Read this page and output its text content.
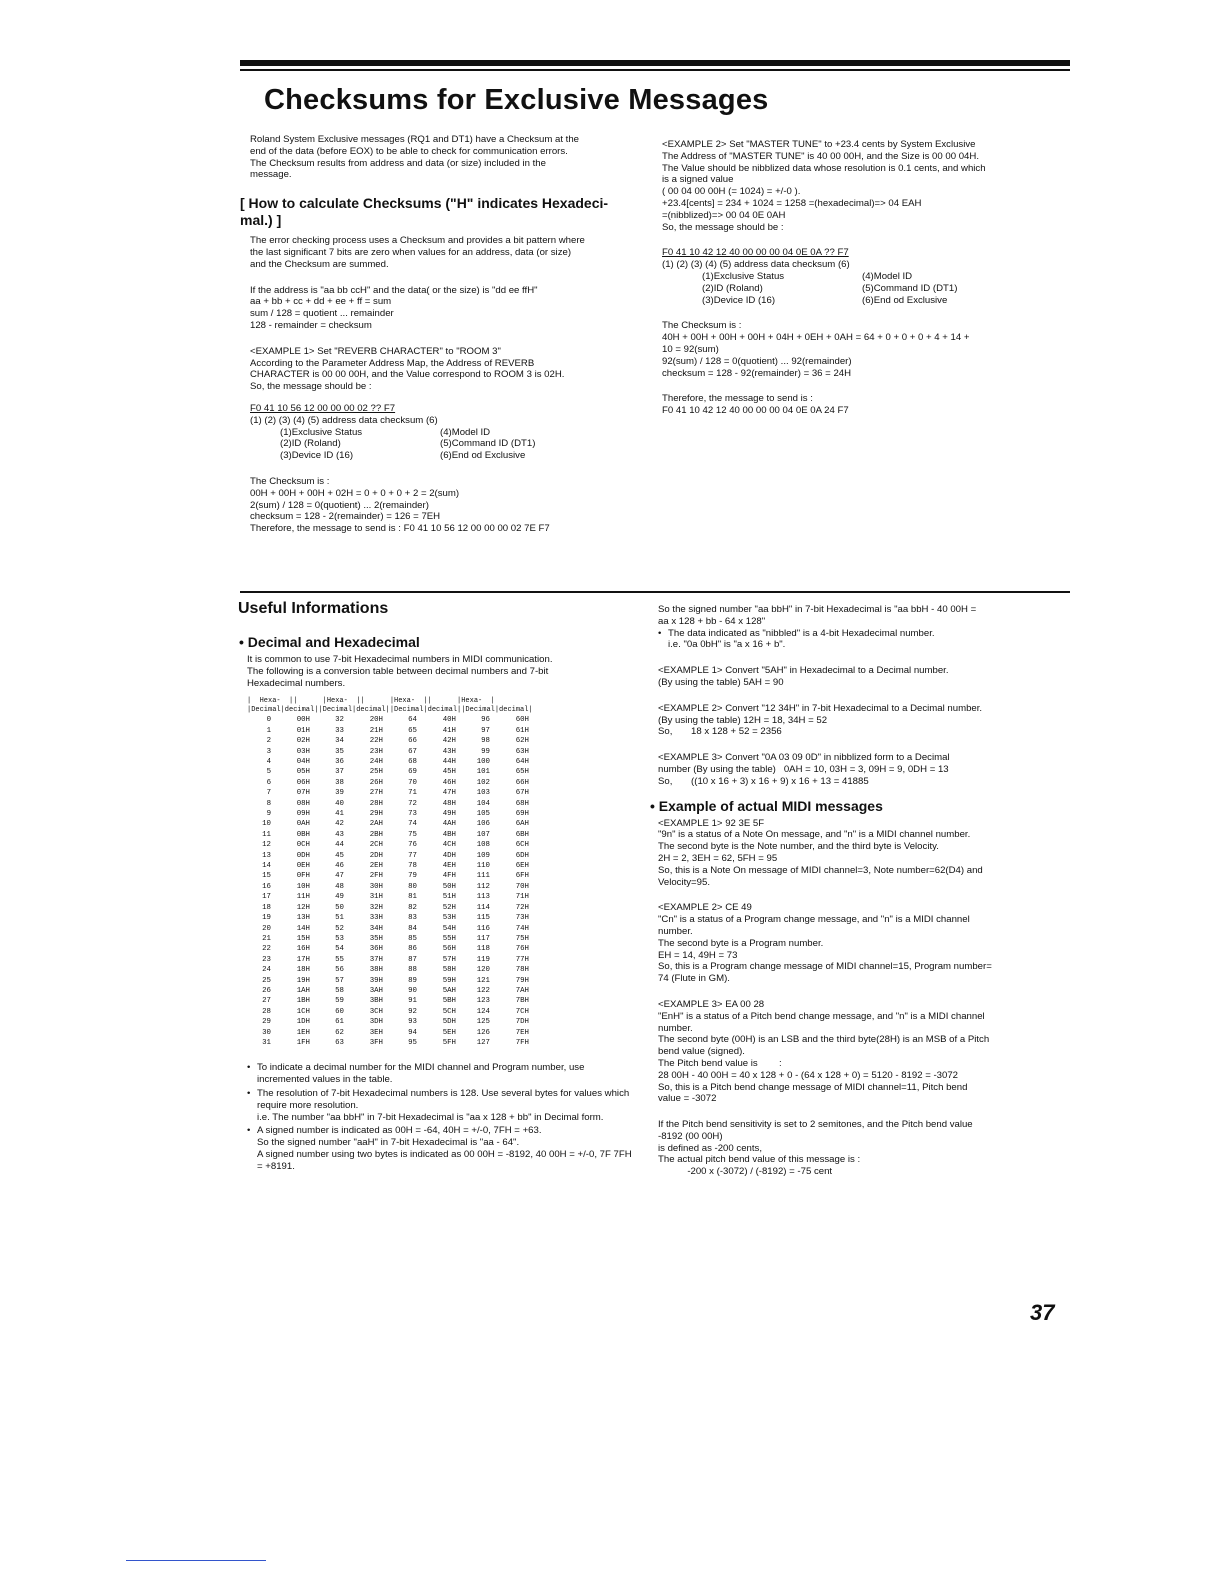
Checksums for Exclusive Messages

Roland System Exclusive messages (RQ1 and DT1) have a Checksum at the

end of the data (before EOX) to be able to check for communication errors.

The Checksum results from address and data (or size) included in the

message.

[ How to calculate Checksums ("H" indicates Hexadeci- mal.) ]

The error checking process uses a Checksum and provides a bit pattern where

the last significant 7 bits are zero when values for an address, data (or size)

and the Checksum are summed.

If the address is "aa bb ccH" and the data( or the size) is "dd ee ffH"

aa + bb + cc + dd + ee + ff = sum

sum / 128 = quotient ... remainder

128 - remainder = checksum

<EXAMPLE 1> Set "REVERB CHARACTER" to "ROOM 3"

According to the Parameter Address Map, the Address of REVERB

CHARACTER is 00 00 00H, and the Value correspond to ROOM 3 is 02H.

So, the message should be :

F0 41 10 56 12 00 00 00 02 ?? F7

(1) (2) (3) (4) (5) address data checksum (6)

(1)Exclusive Status	(4)Model ID
(2)ID (Roland)	(5)Command ID (DT1)
(3)Device ID (16)	(6)End od Exclusive

The Checksum is :

00H + 00H + 00H + 02H = 0 + 0 + 0 + 2 = 2(sum)

2(sum) / 128 = 0(quotient) ... 2(remainder)

checksum = 128 - 2(remainder) = 126 = 7EH

Therefore, the message to send is : F0 41 10 56 12 00 00 00 02 7E F7

<EXAMPLE 2> Set "MASTER TUNE" to +23.4 cents by System Exclusive

The Address of "MASTER TUNE" is 40 00 00H, and the Size is 00 00 04H.

The Value should be nibblized data whose resolution is 0.1 cents, and which

is a signed value

( 00 04 00 00H (= 1024) = +/-0 ).

+23.4[cents] = 234 + 1024 = 1258 =(hexadecimal)=> 04 EAH

=(nibblized)=> 00 04 0E 0AH

So, the message should be :

F0 41 10 42 12 40 00 00 00 04 0E 0A ?? F7

(1) (2) (3) (4) (5) address data checksum (6)

(1)Exclusive Status	(4)Model ID
(2)ID (Roland)	(5)Command ID (DT1)
(3)Device ID (16)	(6)End od Exclusive

The Checksum is :

40H + 00H + 00H + 00H + 04H + 0EH + 0AH = 64 + 0 + 0 + 0 + 4 + 14 +

10 = 92(sum)

92(sum) / 128 = 0(quotient) ... 92(remainder)

checksum = 128 - 92(remainder) = 36 = 24H

Therefore, the message to send is :

F0 41 10 42 12 40 00 00 00 04 0E 0A 24 F7

Useful Informations
• Decimal and Hexadecimal

It is common to use 7-bit Hexadecimal numbers in MIDI communication.

The following is a conversion table between decimal numbers and 7-bit

Hexadecimal numbers.

|  Hexa-  ||      |Hexa-  ||      |Hexa-  ||      |Hexa-  |
|Decimal|decimal||Decimal|decimal||Decimal|decimal||Decimal|decimal|
0	00H	32	20H	64	40H	96	60H
1	01H	33	21H	65	41H	97	61H
2	02H	34	22H	66	42H	98	62H
3	03H	35	23H	67	43H	99	63H
4	04H	36	24H	68	44H	100	64H
5	05H	37	25H	69	45H	101	65H
6	06H	38	26H	70	46H	102	66H
7	07H	39	27H	71	47H	103	67H
8	08H	40	28H	72	48H	104	68H
9	09H	41	29H	73	49H	105	69H
10	0AH	42	2AH	74	4AH	106	6AH
11	0BH	43	2BH	75	4BH	107	6BH
12	0CH	44	2CH	76	4CH	108	6CH
13	0DH	45	2DH	77	4DH	109	6DH
14	0EH	46	2EH	78	4EH	110	6EH
15	0FH	47	2FH	79	4FH	111	6FH
16	10H	48	30H	80	50H	112	70H
17	11H	49	31H	81	51H	113	71H
18	12H	50	32H	82	52H	114	72H
19	13H	51	33H	83	53H	115	73H
20	14H	52	34H	84	54H	116	74H
21	15H	53	35H	85	55H	117	75H
22	16H	54	36H	86	56H	118	76H
23	17H	55	37H	87	57H	119	77H
24	18H	56	38H	88	58H	120	78H
25	19H	57	39H	89	59H	121	79H
26	1AH	58	3AH	90	5AH	122	7AH
27	1BH	59	3BH	91	5BH	123	7BH
28	1CH	60	3CH	92	5CH	124	7CH
29	1DH	61	3DH	93	5DH	125	7DH
30	1EH	62	3EH	94	5EH	126	7EH
31	1FH	63	3FH	95	5FH	127	7FH
• To indicate a decimal number for the MIDI channel and Program number, use incremented values in the table.
• The resolution of 7-bit Hexadecimal numbers is 128. Use several bytes for values which require more resolution.
i.e. The number "aa bbH" in 7-bit Hexadecimal is "aa x 128 + bb" in Decimal form.
• A signed number is indicated as 00H = -64, 40H = +/-0, 7FH = +63.
So the signed number "aaH" in 7-bit Hexadecimal is "aa - 64".
A signed number using two bytes is indicated as 00 00H = -8192, 40 00H = +/-0, 7F 7FH = +8191.

So the signed number "aa bbH" in 7-bit Hexadecimal is "aa bbH - 40 00H =

aa x 128 + bb - 64 x 128"

• The data indicated as "nibbled" is a 4-bit Hexadecimal number.

i.e. "0a 0bH" is "a x 16 + b".

<EXAMPLE 1> Convert "5AH" in Hexadecimal to a Decimal number.

(By using the table) 5AH = 90

<EXAMPLE 2> Convert "12 34H" in 7-bit Hexadecimal to a Decimal number.

(By using the table) 12H = 18, 34H = 52

So,       18 x 128 + 52 = 2356

<EXAMPLE 3> Convert "0A 03 09 0D" in nibblized form to a Decimal

number (By using the table)   0AH = 10, 03H = 3, 09H = 9, 0DH = 13

So,       ((10 x 16 + 3) x 16 + 9) x 16 + 13 = 41885

• Example of actual MIDI messages

<EXAMPLE 1> 92 3E 5F

"9n" is a status of a Note On message, and "n" is a MIDI channel number.

The second byte is the Note number, and the third byte is Velocity.

2H = 2, 3EH = 62, 5FH = 95

So, this is a Note On message of MIDI channel=3, Note number=62(D4) and

Velocity=95.

<EXAMPLE 2> CE 49

"Cn" is a status of a Program change message, and "n" is a MIDI channel

number.

The second byte is a Program number.

EH = 14, 49H = 73

So, this is a Program change message of MIDI channel=15, Program number=

74 (Flute in GM).

<EXAMPLE 3> EA 00 28

"EnH" is a status of a Pitch bend change message, and "n" is a MIDI channel

number.

The second byte (00H) is an LSB and the third byte(28H) is an MSB of a Pitch

bend value (signed).

The Pitch bend value is        :

28 00H - 40 00H = 40 x 128 + 0 - (64 x 128 + 0) = 5120 - 8192 = -3072

So, this is a Pitch bend change message of MIDI channel=11, Pitch bend

value = -3072

If the Pitch bend sensitivity is set to 2 semitones, and the Pitch bend value

-8192 (00 00H)

is defined as -200 cents,

The actual pitch bend value of this message is :

-200 x (-3072) / (-8192) = -75 cent

37
